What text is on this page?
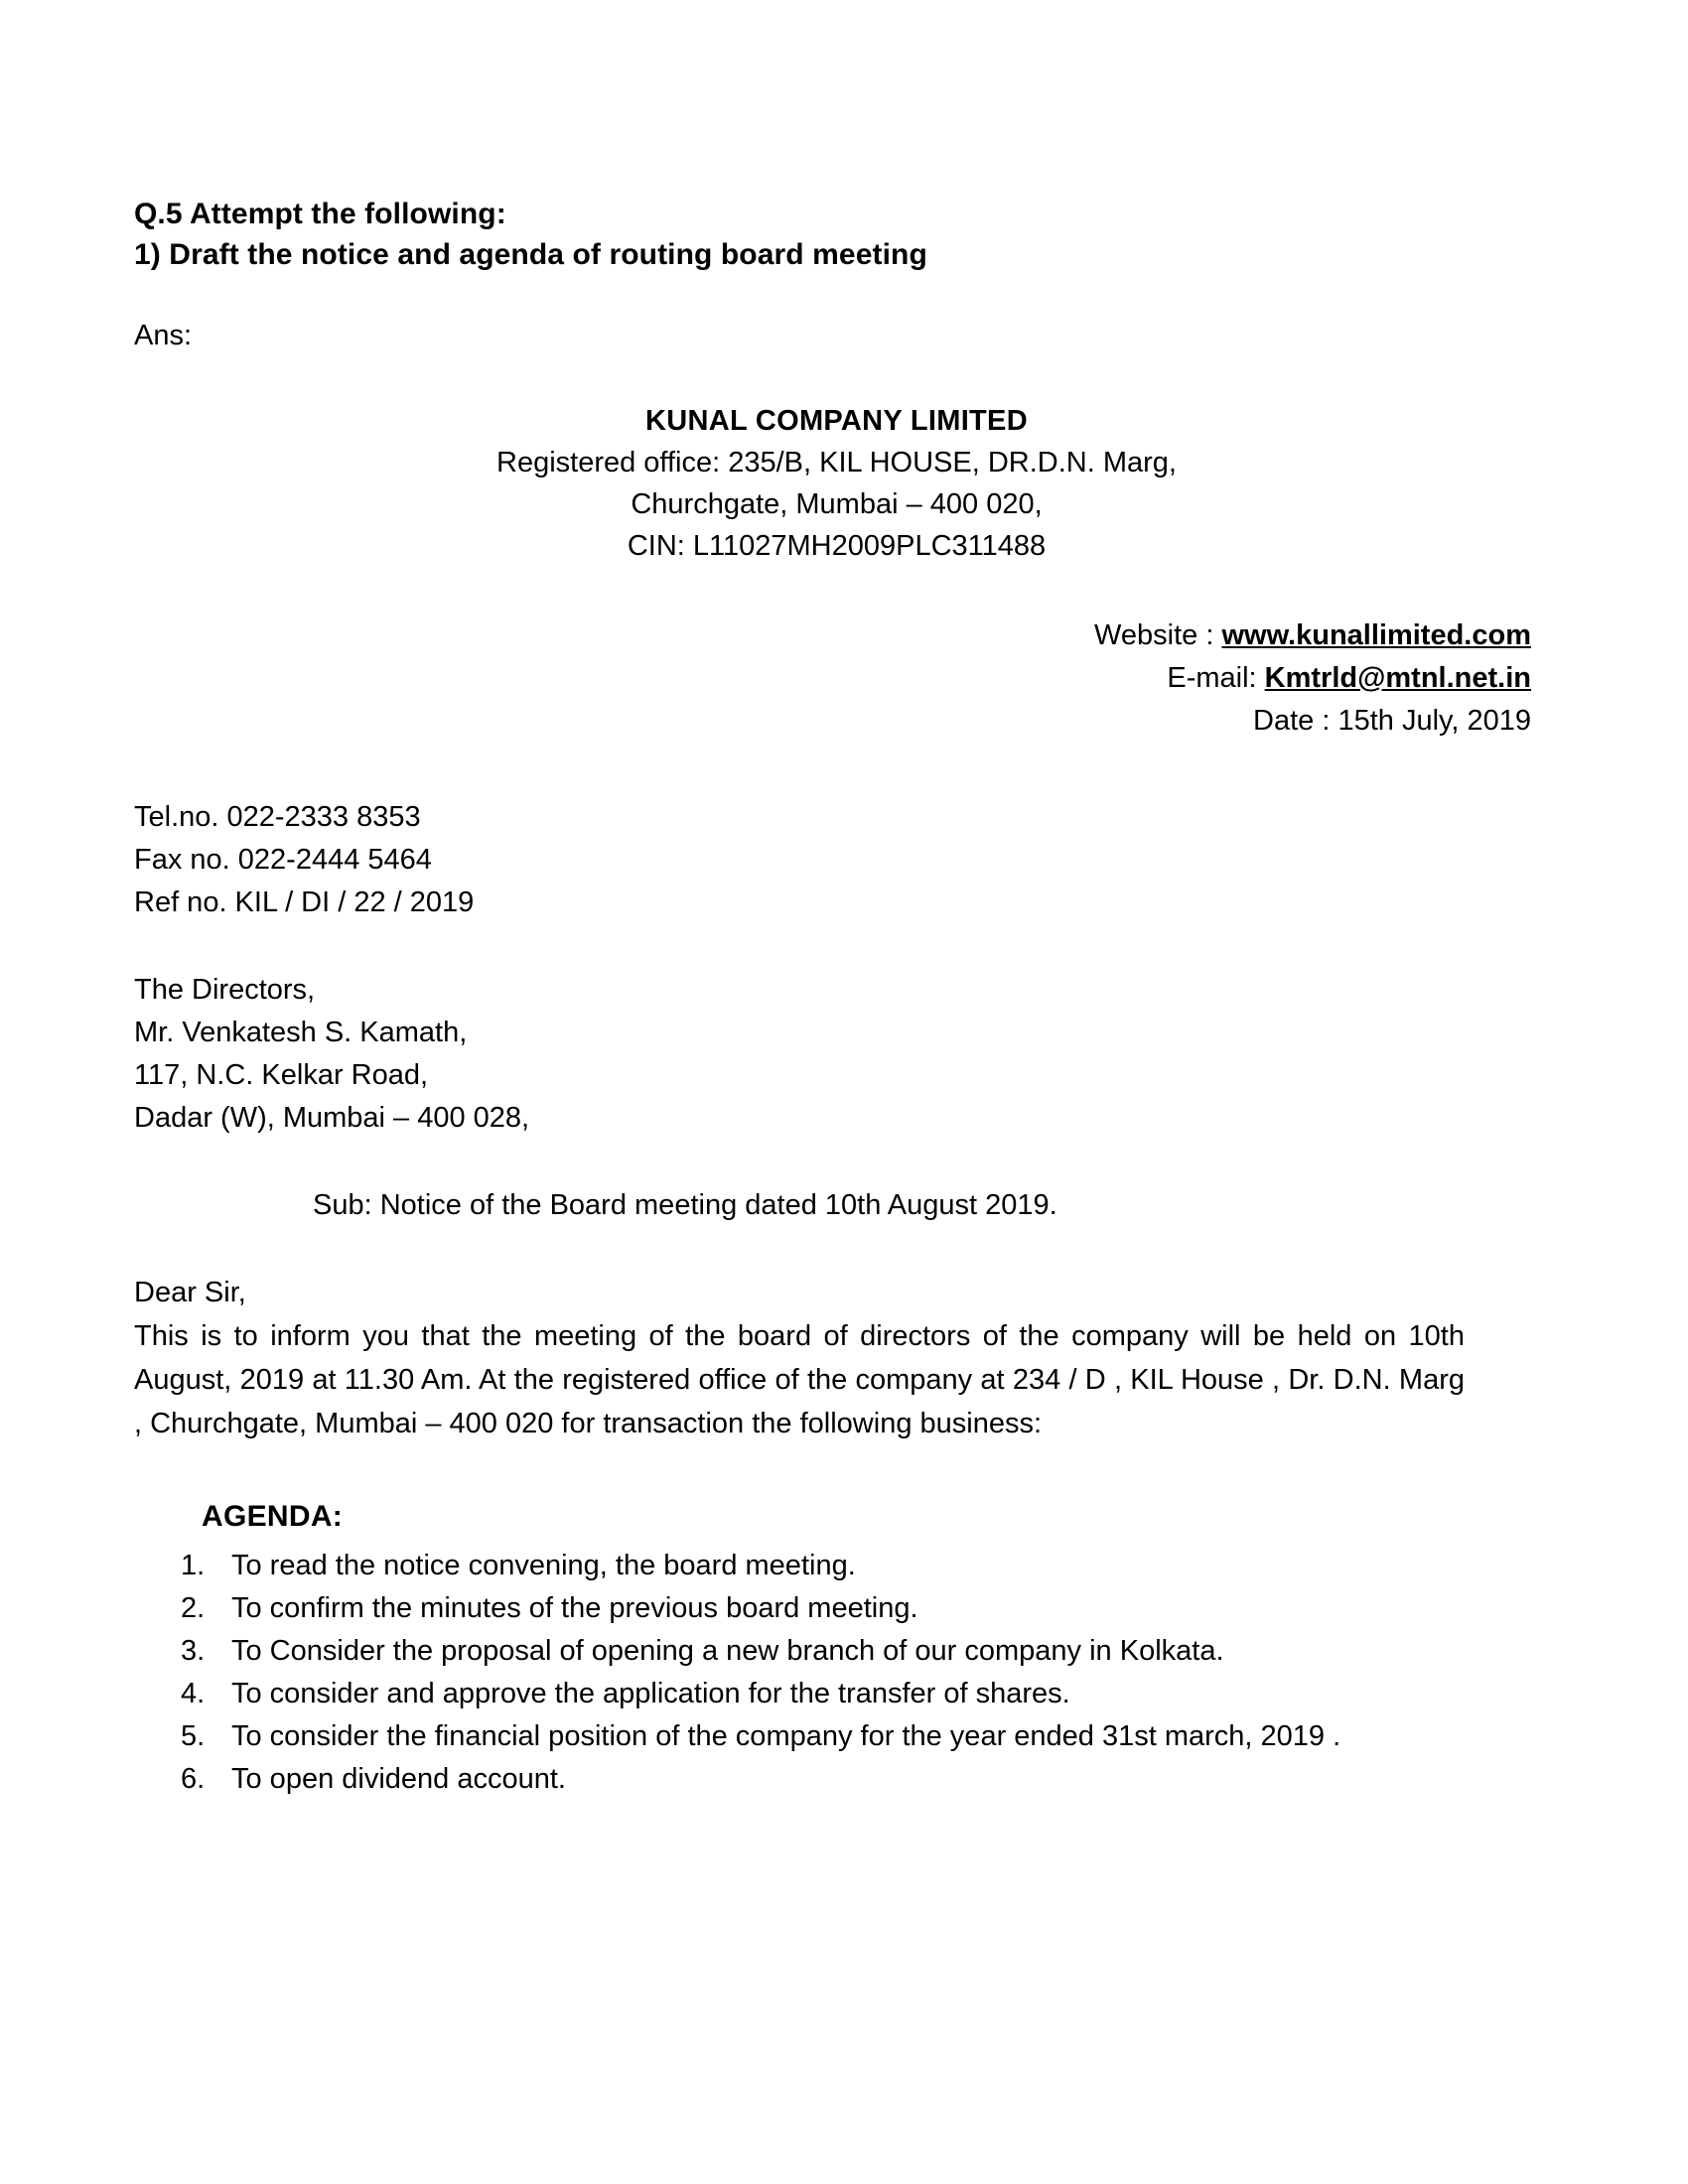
Q.5 Attempt the following:
1) Draft the notice and agenda of routing board meeting
Ans:
KUNAL COMPANY LIMITED
Registered office: 235/B, KIL HOUSE, DR.D.N. Marg,
Churchgate, Mumbai – 400 020,
CIN: L11027MH2009PLC311488
Website : www.kunallimited.com
E-mail: Kmtrld@mtnl.net.in
Date : 15th July, 2019
Tel.no. 022-2333 8353
Fax no. 022-2444 5464
Ref no. KIL / DI / 22 / 2019
The Directors,
Mr. Venkatesh S. Kamath,
117, N.C. Kelkar Road,
Dadar (W), Mumbai – 400 028,
Sub: Notice of the Board meeting dated 10th August 2019.
Dear Sir,
This is to inform you that the meeting of the board of directors of the company will be held on 10th August, 2019 at 11.30 Am. At the registered office of the company at 234 / D , KIL House , Dr. D.N. Marg , Churchgate, Mumbai – 400 020 for transaction the following business:
AGENDA:
1. To read the notice convening, the board meeting.
2. To confirm the minutes of the previous board meeting.
3. To Consider the proposal of opening a new branch of our company in Kolkata.
4. To consider and approve the application for the transfer of shares.
5. To consider the financial position of the company for the year ended 31st march, 2019 .
6. To open dividend account.
